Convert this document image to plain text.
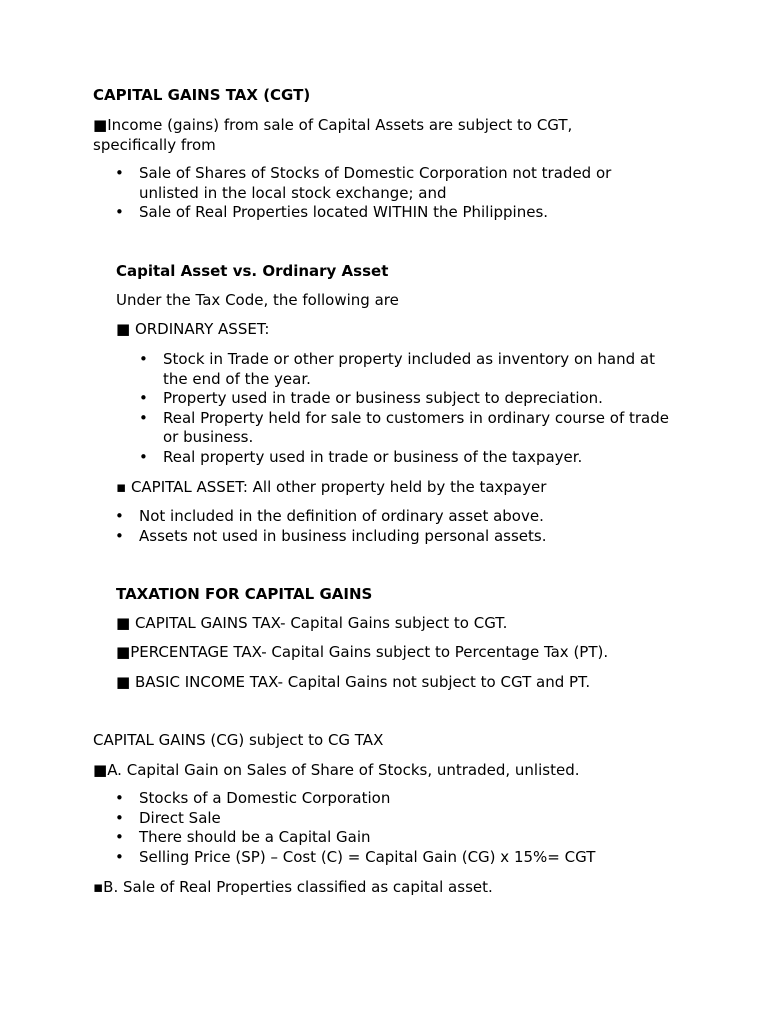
CAPITAL GAINS TAX (CGT)

■Income (gains) from sale of Capital Assets are subject to CGT, specifically from

• Sale of Shares of Stocks of Domestic Corporation not traded or unlisted in the local stock exchange; and
• Sale of Real Properties located WITHIN the Philippines.

Capital Asset vs. Ordinary Asset

Under the Tax Code, the following are

■ ORDINARY ASSET:

• Stock in Trade or other property included as inventory on hand at the end of the year.
• Property used in trade or business subject to depreciation.
• Real Property held for sale to customers in ordinary course of trade or business.
• Real property used in trade or business of the taxpayer.

▪ CAPITAL ASSET: All other property held by the taxpayer

• Not included in the definition of ordinary asset above.
• Assets not used in business including personal assets.

TAXATION FOR CAPITAL GAINS

■ CAPITAL GAINS TAX- Capital Gains subject to CGT.

■PERCENTAGE TAX- Capital Gains subject to Percentage Tax (PT).

■ BASIC INCOME TAX- Capital Gains not subject to CGT and PT.

CAPITAL GAINS (CG) subject to CG TAX

■A. Capital Gain on Sales of Share of Stocks, untraded, unlisted.

• Stocks of a Domestic Corporation
• Direct Sale
• There should be a Capital Gain
• Selling Price (SP) – Cost (C) = Capital Gain (CG) x 15%= CGT

▪B. Sale of Real Properties classified as capital asset.
